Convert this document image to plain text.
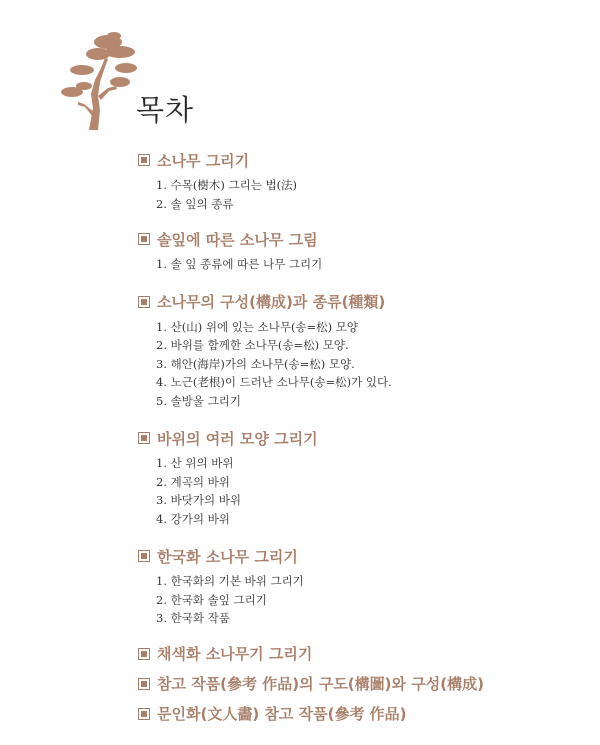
목차
소나무 그리기
1. 수목(樹木) 그리는 법(法)
2. 솔 잎의 종류
솔잎에 따른 소나무 그림
1. 솔 잎 종류에 따른 나무 그리기
소나무의 구성(構成)과 종류(種類)
1. 산(山) 위에 있는 소나무(송=松) 모양
2. 바위를 함께한 소나무(송=松) 모양.
3. 해안(海岸)가의 소나무(송=松) 모양.
4. 노근(老根)이 드러난 소나무(송=松)가 있다.
5. 솔방울 그리기
바위의 여러 모양 그리기
1. 산 위의 바위
2. 계곡의 바위
3. 바닷가의 바위
4. 강가의 바위
한국화 소나무 그리기
1. 한국화의 기본 바위 그리기
2. 한국화 솔잎 그리기
3. 한국화 작품
채색화 소나무기 그리기
참고 작품(參考 作品)의 구도(構圖)와 구성(構成)
문인화(文人畵) 참고 작품(參考 作品)
